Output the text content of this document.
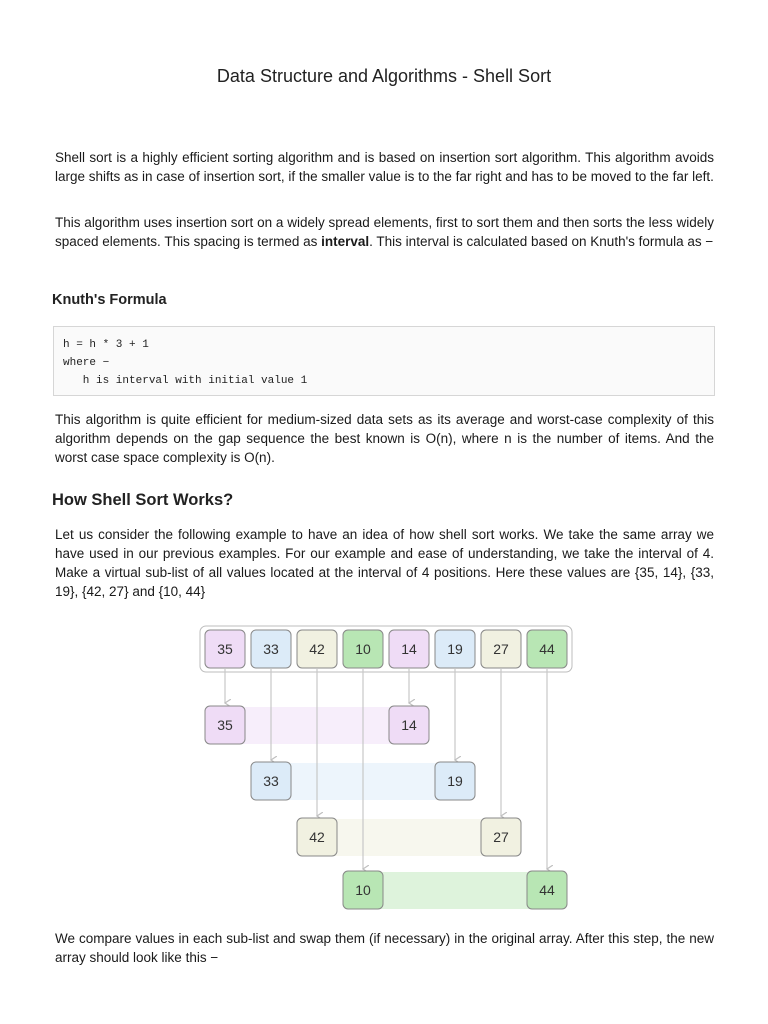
Data Structure and Algorithms - Shell Sort

Shell sort is a highly efficient sorting algorithm and is based on insertion sort algorithm. This algorithm avoids large shifts as in case of insertion sort, if the smaller value is to the far right and has to be moved to the far left.

This algorithm uses insertion sort on a widely spread elements, first to sort them and then sorts the less widely spaced elements. This spacing is termed as interval. This interval is calculated based on Knuth's formula as −

Knuth's Formula
h = h * 3 + 1
where −
h is interval with initial value 1

This algorithm is quite efficient for medium-sized data sets as its average and worst-case complexity of this algorithm depends on the gap sequence the best known is Ο(n), where n is the number of items. And the worst case space complexity is O(n).

How Shell Sort Works?

Let us consider the following example to have an idea of how shell sort works. We take the same array we have used in our previous examples. For our example and ease of understanding, we take the interval of 4. Make a virtual sub-list of all values located at the interval of 4 positions. Here these values are {35, 14}, {33, 19}, {42, 27} and {10, 44}

35 33 42 10 14 19 27 44
35	14
33	19
42	27
10	44

We compare values in each sub-list and swap them (if necessary) in the original array. After this step, the new array should look like this −
